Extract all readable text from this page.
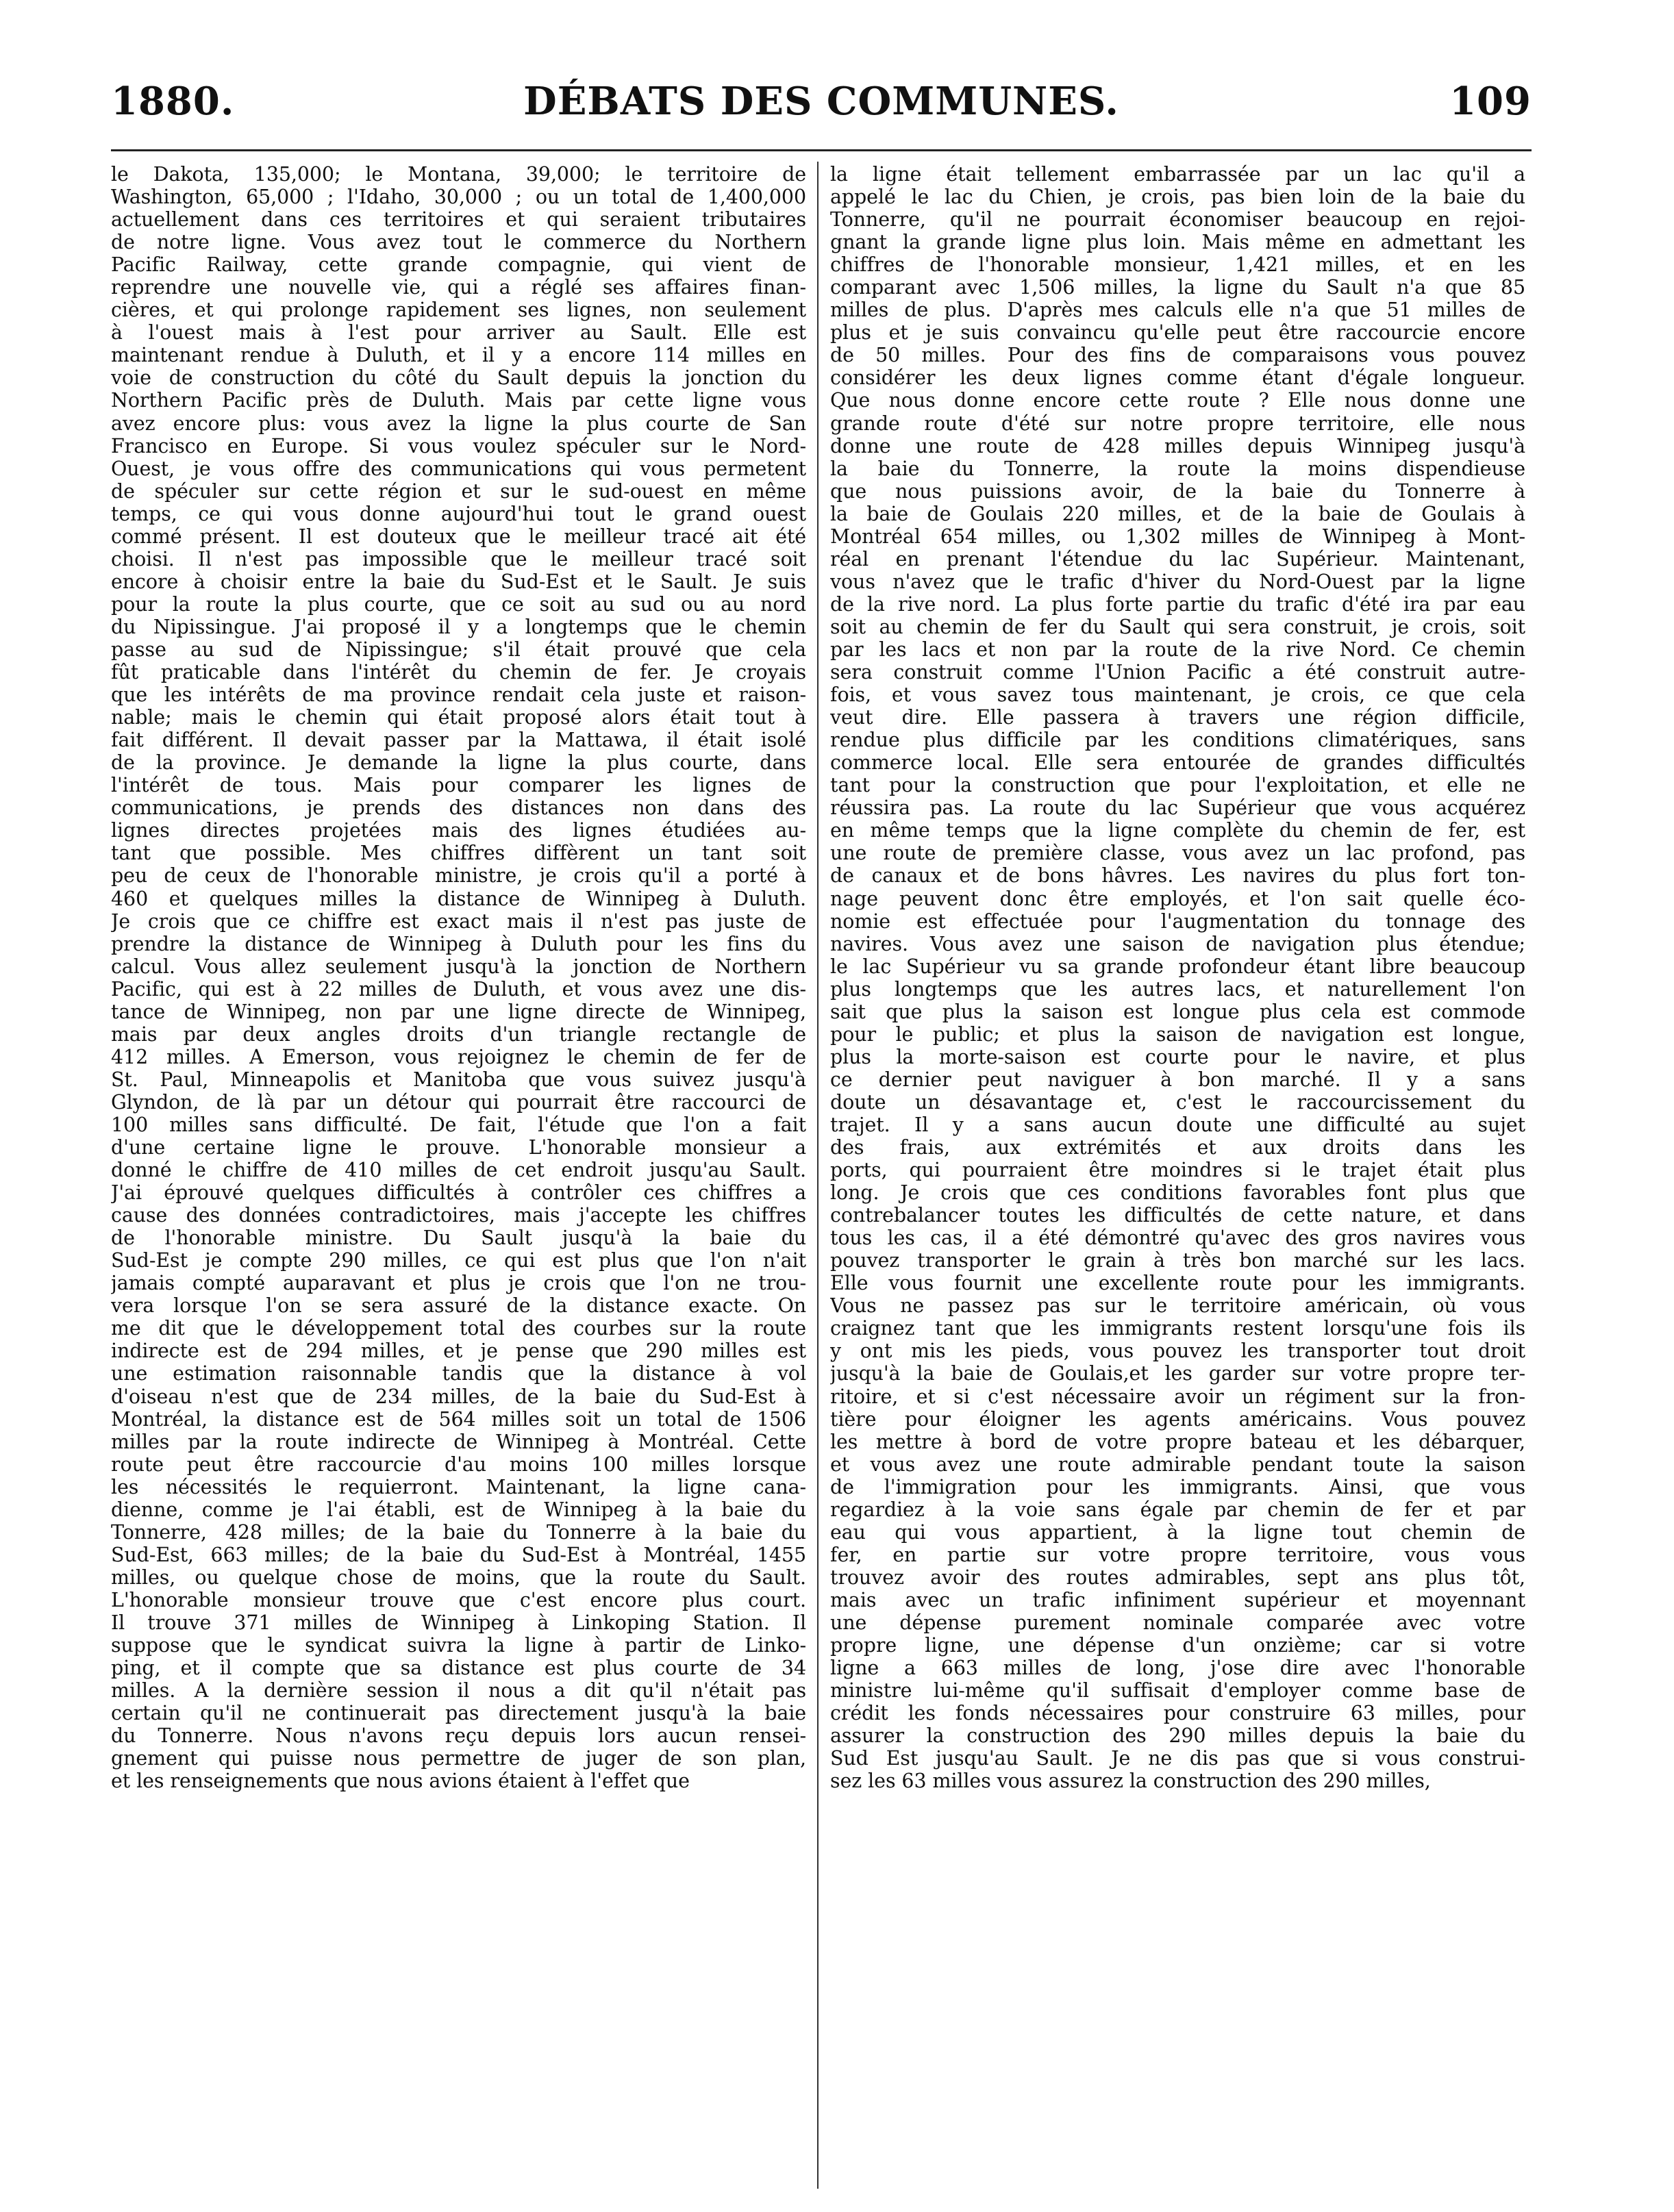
1880.	DÉBATS DES COMMUNES.	109
le Dakota, 135,000; le Montana, 39,000; le territoire de
Washington, 65,000 ; l'Idaho, 30,000 ; ou un total de 1,400,000
actuellement dans ces territoires et qui seraient tributaires
de notre ligne. Vous avez tout le commerce du Northern
Pacific Railway, cette grande compagnie, qui vient de
reprendre une nouvelle vie, qui a réglé ses affaires finan-
cières, et qui prolonge rapidement ses lignes, non seulement
à l'ouest mais à l'est pour arriver au Sault. Elle est
maintenant rendue à Duluth, et il y a encore 114 milles en
voie de construction du côté du Sault depuis la jonction du
Northern Pacific près de Duluth. Mais par cette ligne vous
avez encore plus: vous avez la ligne la plus courte de San
Francisco en Europe. Si vous voulez spéculer sur le Nord-
Ouest, je vous offre des communications qui vous permetent
de spéculer sur cette région et sur le sud-ouest en même
temps, ce qui vous donne aujourd'hui tout le grand ouest
commé présent. Il est douteux que le meilleur tracé ait été
choisi. Il n'est pas impossible que le meilleur tracé soit
encore à choisir entre la baie du Sud-Est et le Sault. Je suis
pour la route la plus courte, que ce soit au sud ou au nord
du Nipissingue. J'ai proposé il y a longtemps que le chemin
passe au sud de Nipissingue; s'il était prouvé que cela
fût praticable dans l'intérêt du chemin de fer. Je croyais
que les intérêts de ma province rendait cela juste et raison-
nable; mais le chemin qui était proposé alors était tout à
fait différent. Il devait passer par la Mattawa, il était isolé
de la province. Je demande la ligne la plus courte, dans
l'intérêt de tous. Mais pour comparer les lignes de
communications, je prends des distances non dans des
lignes directes projetées mais des lignes étudiées au-
tant que possible. Mes chiffres diffèrent un tant soit
peu de ceux de l'honorable ministre, je crois qu'il a porté à
460 et quelques milles la distance de Winnipeg à Duluth.
Je crois que ce chiffre est exact mais il n'est pas juste de
prendre la distance de Winnipeg à Duluth pour les fins du
calcul. Vous allez seulement jusqu'à la jonction de Northern
Pacific, qui est à 22 milles de Duluth, et vous avez une dis-
tance de Winnipeg, non par une ligne directe de Winnipeg,
mais par deux angles droits d'un triangle rectangle de
412 milles. A Emerson, vous rejoignez le chemin de fer de
St. Paul, Minneapolis et Manitoba que vous suivez jusqu'à
Glyndon, de là par un détour qui pourrait être raccourci de
100 milles sans difficulté. De fait, l'étude que l'on a fait
d'une certaine ligne le prouve. L'honorable monsieur a
donné le chiffre de 410 milles de cet endroit jusqu'au Sault.
J'ai éprouvé quelques difficultés à contrôler ces chiffres a
cause des données contradictoires, mais j'accepte les chiffres
de l'honorable ministre. Du Sault jusqu'à la baie du
Sud-Est je compte 290 milles, ce qui est plus que l'on n'ait
jamais compté auparavant et plus je crois que l'on ne trou-
vera lorsque l'on se sera assuré de la distance exacte. On
me dit que le développement total des courbes sur la route
indirecte est de 294 milles, et je pense que 290 milles est
une estimation raisonnable tandis que la distance à vol
d'oiseau n'est que de 234 milles, de la baie du Sud-Est à
Montréal, la distance est de 564 milles soit un total de 1506
milles par la route indirecte de Winnipeg à Montréal. Cette
route peut être raccourcie d'au moins 100 milles lorsque
les nécessités le requierront. Maintenant, la ligne cana-
dienne, comme je l'ai établi, est de Winnipeg à la baie du
Tonnerre, 428 milles; de la baie du Tonnerre à la baie du
Sud-Est, 663 milles; de la baie du Sud-Est à Montréal, 1455
milles, ou quelque chose de moins, que la route du Sault.
L'honorable monsieur trouve que c'est encore plus court.
Il trouve 371 milles de Winnipeg à Linkoping Station. Il
suppose que le syndicat suivra la ligne à partir de Linko-
ping, et il compte que sa distance est plus courte de 34
milles. A la dernière session il nous a dit qu'il n'était pas
certain qu'il ne continuerait pas directement jusqu'à la baie
du Tonnerre. Nous n'avons reçu depuis lors aucun rensei-
gnement qui puisse nous permettre de juger de son plan,
et les renseignements que nous avions étaient à l'effet que
la ligne était tellement embarrassée par un lac qu'il a
appelé le lac du Chien, je crois, pas bien loin de la baie du
Tonnerre, qu'il ne pourrait économiser beaucoup en rejoi-
gnant la grande ligne plus loin. Mais même en admettant les
chiffres de l'honorable monsieur, 1,421 milles, et en les
comparant avec 1,506 milles, la ligne du Sault n'a que 85
milles de plus. D'après mes calculs elle n'a que 51 milles de
plus et je suis convaincu qu'elle peut être raccourcie encore
de 50 milles. Pour des fins de comparaisons vous pouvez
considérer les deux lignes comme étant d'égale longueur.
Que nous donne encore cette route ? Elle nous donne une
grande route d'été sur notre propre territoire, elle nous
donne une route de 428 milles depuis Winnipeg jusqu'à
la baie du Tonnerre, la route la moins dispendieuse
que nous puissions avoir, de la baie du Tonnerre à
la baie de Goulais 220 milles, et de la baie de Goulais à
Montréal 654 milles, ou 1,302 milles de Winnipeg à Mont-
réal en prenant l'étendue du lac Supérieur. Maintenant,
vous n'avez que le trafic d'hiver du Nord-Ouest par la ligne
de la rive nord. La plus forte partie du trafic d'été ira par eau
soit au chemin de fer du Sault qui sera construit, je crois, soit
par les lacs et non par la route de la rive Nord. Ce chemin
sera construit comme l'Union Pacific a été construit autre-
fois, et vous savez tous maintenant, je crois, ce que cela
veut dire. Elle passera à travers une région difficile,
rendue plus difficile par les conditions climatériques, sans
commerce local. Elle sera entourée de grandes difficultés
tant pour la construction que pour l'exploitation, et elle ne
réussira pas. La route du lac Supérieur que vous acquérez
en même temps que la ligne complète du chemin de fer, est
une route de première classe, vous avez un lac profond, pas
de canaux et de bons hâvres. Les navires du plus fort ton-
nage peuvent donc être employés, et l'on sait quelle éco-
nomie est effectuée pour l'augmentation du tonnage des
navires. Vous avez une saison de navigation plus étendue;
le lac Supérieur vu sa grande profondeur étant libre beaucoup
plus longtemps que les autres lacs, et naturellement l'on
sait que plus la saison est longue plus cela est commode
pour le public; et plus la saison de navigation est longue,
plus la morte-saison est courte pour le navire, et plus
ce dernier peut naviguer à bon marché. Il y a sans
doute un désavantage et, c'est le raccourcissement du
trajet. Il y a sans aucun doute une difficulté au sujet
des frais, aux extrémités et aux droits dans les
ports, qui pourraient être moindres si le trajet était plus
long. Je crois que ces conditions favorables font plus que
contrebalancer toutes les difficultés de cette nature, et dans
tous les cas, il a été démontré qu'avec des gros navires vous
pouvez transporter le grain à très bon marché sur les lacs.
Elle vous fournit une excellente route pour les immigrants.
Vous ne passez pas sur le territoire américain, où vous
craignez tant que les immigrants restent lorsqu'une fois ils
y ont mis les pieds, vous pouvez les transporter tout droit
jusqu'à la baie de Goulais,et les garder sur votre propre ter-
ritoire, et si c'est nécessaire avoir un régiment sur la fron-
tière pour éloigner les agents américains. Vous pouvez
les mettre à bord de votre propre bateau et les débarquer,
et vous avez une route admirable pendant toute la saison
de l'immigration pour les immigrants. Ainsi, que vous
regardiez à la voie sans égale par chemin de fer et par
eau qui vous appartient, à la ligne tout chemin de
fer, en partie sur votre propre territoire, vous vous
trouvez avoir des routes admirables, sept ans plus tôt,
mais avec un trafic infiniment supérieur et moyennant
une dépense purement nominale comparée avec votre
propre ligne, une dépense d'un onzième; car si votre
ligne a 663 milles de long, j'ose dire avec l'honorable
ministre lui-même qu'il suffisait d'employer comme base de
crédit les fonds nécessaires pour construire 63 milles, pour
assurer la construction des 290 milles depuis la baie du
Sud Est jusqu'au Sault. Je ne dis pas que si vous construi-
sez les 63 milles vous assurez la construction des 290 milles,
